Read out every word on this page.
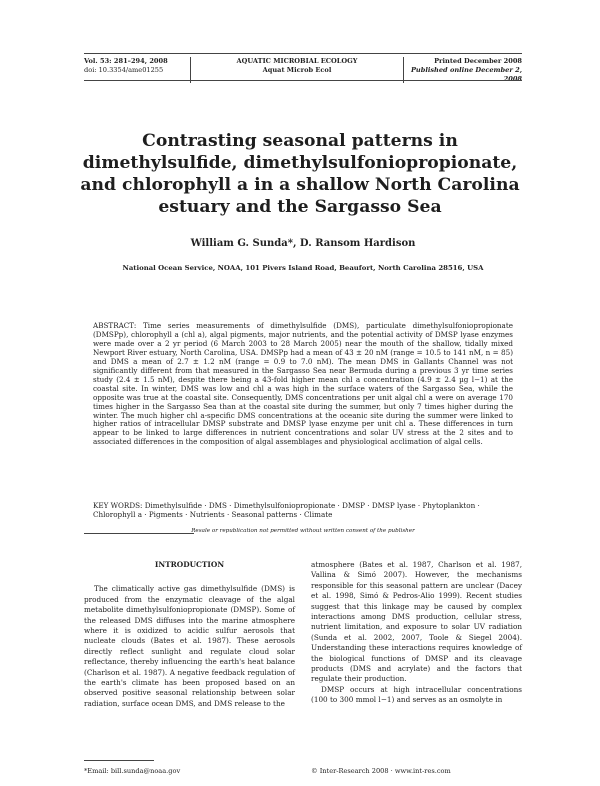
Vol. 53: 281–294, 2008
doi: 10.3354/ame01255
AQUATIC MICROBIAL ECOLOGY
Aquat Microb Ecol
Printed December 2008
Published online December 2, 2008
Contrasting seasonal patterns in dimethylsulfide, dimethylsulfoniopropionate, and chlorophyll a in a shallow North Carolina estuary and the Sargasso Sea
William G. Sunda*, D. Ransom Hardison
National Ocean Service, NOAA, 101 Pivers Island Road, Beaufort, North Carolina 28516, USA
ABSTRACT: Time series measurements of dimethylsulfide (DMS), particulate dimethylsulfoniopropionate (DMSPp), chlorophyll a (chl a), algal pigments, major nutrients, and the potential activity of DMSP lyase enzymes were made over a 2 yr period (6 March 2003 to 28 March 2005) near the mouth of the shallow, tidally mixed Newport River estuary, North Carolina, USA. DMSPp had a mean of 43 ± 20 nM (range = 10.5 to 141 nM, n = 85) and DMS a mean of 2.7 ± 1.2 nM (range = 0.9 to 7.0 nM). The mean DMS in Gallants Channel was not significantly different from that measured in the Sargasso Sea near Bermuda during a previous 3 yr time series study (2.4 ± 1.5 nM), despite there being a 43-fold higher mean chl a concentration (4.9 ± 2.4 µg l−1) at the coastal site. In winter, DMS was low and chl a was high in the surface waters of the Sargasso Sea, while the opposite was true at the coastal site. Consequently, DMS concentrations per unit algal chl a were on average 170 times higher in the Sargasso Sea than at the coastal site during the summer, but only 7 times higher during the winter. The much higher chl a-specific DMS concentrations at the oceanic site during the summer were linked to higher ratios of intracellular DMSP substrate and DMSP lyase enzyme per unit chl a. These differences in turn appear to be linked to large differences in nutrient concentrations and solar UV stress at the 2 sites and to associated differences in the composition of algal assemblages and physiological acclimation of algal cells.
KEY WORDS: Dimethylsulfide · DMS · Dimethylsulfoniopropionate · DMSP · DMSP lyase · Phytoplankton · Chlorophyll a · Pigments · Nutrients · Seasonal patterns · Climate
Resale or republication not permitted without written consent of the publisher
INTRODUCTION

The climatically active gas dimethylsulfide (DMS) is produced from the enzymatic cleavage of the algal metabolite dimethylsulfoniopropionate (DMSP). Some of the released DMS diffuses into the marine atmosphere where it is oxidized to acidic sulfur aerosols that nucleate clouds (Bates et al. 1987). These aerosols directly reflect sunlight and regulate cloud solar reflectance, thereby influencing the earth's heat balance (Charlson et al. 1987). A negative feedback regulation of the earth's climate has been proposed based on an observed positive seasonal relationship between solar radiation, surface ocean DMS, and DMS release to the

atmosphere (Bates et al. 1987, Charlson et al. 1987, Vallina & Simó 2007). However, the mechanisms responsible for this seasonal pattern are unclear (Dacey et al. 1998, Simó & Pedros-Alio 1999). Recent studies suggest that this linkage may be caused by complex interactions among DMS production, cellular stress, nutrient limitation, and exposure to solar UV radiation (Sunda et al. 2002, 2007, Toole & Siegel 2004). Understanding these interactions requires knowledge of the biological functions of DMSP and its cleavage products (DMS and acrylate) and the factors that regulate their production.

DMSP occurs at high intracellular concentrations (100 to 300 mmol l−1) and serves as an osmolyte in

*Email: bill.sunda@noaa.gov	© Inter-Research 2008 · www.int-res.com
